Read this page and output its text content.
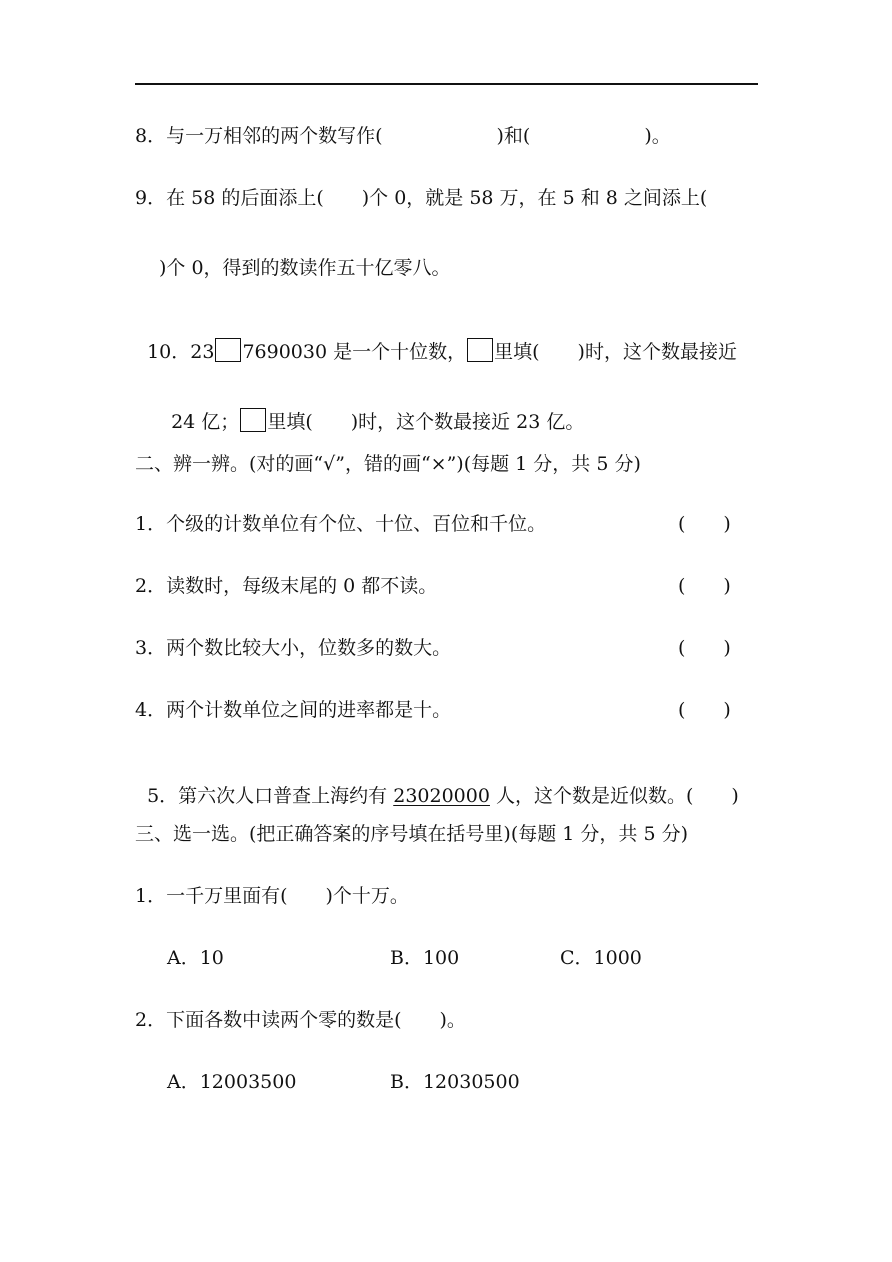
8．与一万相邻的两个数写作(　　　　　　)和(　　　　　　)。
9．在 58 的后面添上(　　)个 0，就是 58 万，在 5 和 8 之间添上(
)个 0，得到的数读作五十亿零八。

10．23 7690030 是一个十位数， 里填(　　)时，这个数最接近

24 亿； 里填(　　)时，这个数最接近 23 亿。

二、辨一辨。(对的画“√”，错的画“×”)(每题 1 分，共 5 分)
1．个级的计数单位有个位、十位、百位和千位。	(　　)
2．读数时，每级末尾的 0 都不读。	(　　)
3．两个数比较大小，位数多的数大。	(　　)
4．两个计数单位之间的进率都是十。	(　　)

5．第六次人口普查上海约有 23020000 人，这个数是近似数。(　　)

三、选一选。(把正确答案的序号填在括号里)(每题 1 分，共 5 分)
1．一千万里面有(　　)个十万。
A．10	B．100	C．1000
2．下面各数中读两个零的数是(　　)。
A．12003500	B．12030500
